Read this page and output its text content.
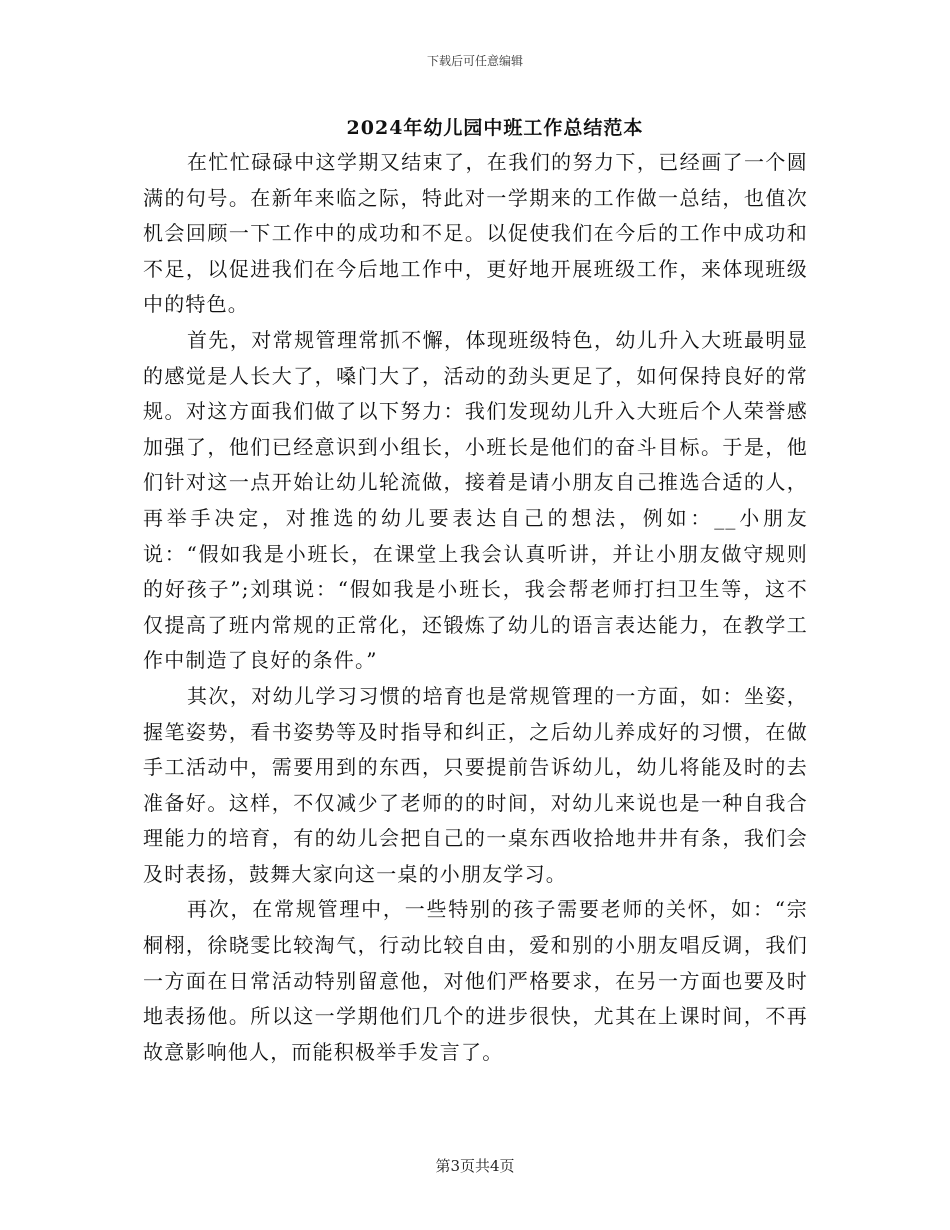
下载后可任意编辑
2024年幼儿园中班工作总结范本

在忙忙碌碌中这学期又结束了，在我们的努力下，已经画了一个圆满的句号。在新年来临之际，特此对一学期来的工作做一总结，也值次机会回顾一下工作中的成功和不足。以促使我们在今后的工作中成功和不足，以促进我们在今后地工作中，更好地开展班级工作，来体现班级中的特色。

首先，对常规管理常抓不懈，体现班级特色，幼儿升入大班最明显的感觉是人长大了，嗓门大了，活动的劲头更足了，如何保持良好的常规。对这方面我们做了以下努力：我们发现幼儿升入大班后个人荣誉感加强了，他们已经意识到小组长，小班长是他们的奋斗目标。于是，他们针对这一点开始让幼儿轮流做，接着是请小朋友自己推选合适的人，再举手决定，对推选的幼儿要表达自己的想法，例如：__小朋友说：“假如我是小班长，在课堂上我会认真听讲，并让小朋友做守规则的好孩子”;刘琪说：“假如我是小班长，我会帮老师打扫卫生等，这不仅提高了班内常规的正常化，还锻炼了幼儿的语言表达能力，在教学工作中制造了良好的条件。”

其次，对幼儿学习习惯的培育也是常规管理的一方面，如：坐姿，握笔姿势，看书姿势等及时指导和纠正，之后幼儿养成好的习惯，在做手工活动中，需要用到的东西，只要提前告诉幼儿，幼儿将能及时的去准备好。这样，不仅减少了老师的的时间，对幼儿来说也是一种自我合理能力的培育，有的幼儿会把自己的一桌东西收拾地井井有条，我们会及时表扬，鼓舞大家向这一桌的小朋友学习。

再次，在常规管理中，一些特别的孩子需要老师的关怀，如：“宗桐栩，徐晓雯比较淘气，行动比较自由，爱和别的小朋友唱反调，我们一方面在日常活动特别留意他，对他们严格要求，在另一方面也要及时地表扬他。所以这一学期他们几个的进步很快，尤其在上课时间，不再故意影响他人，而能积极举手发言了。

第3页共4页
